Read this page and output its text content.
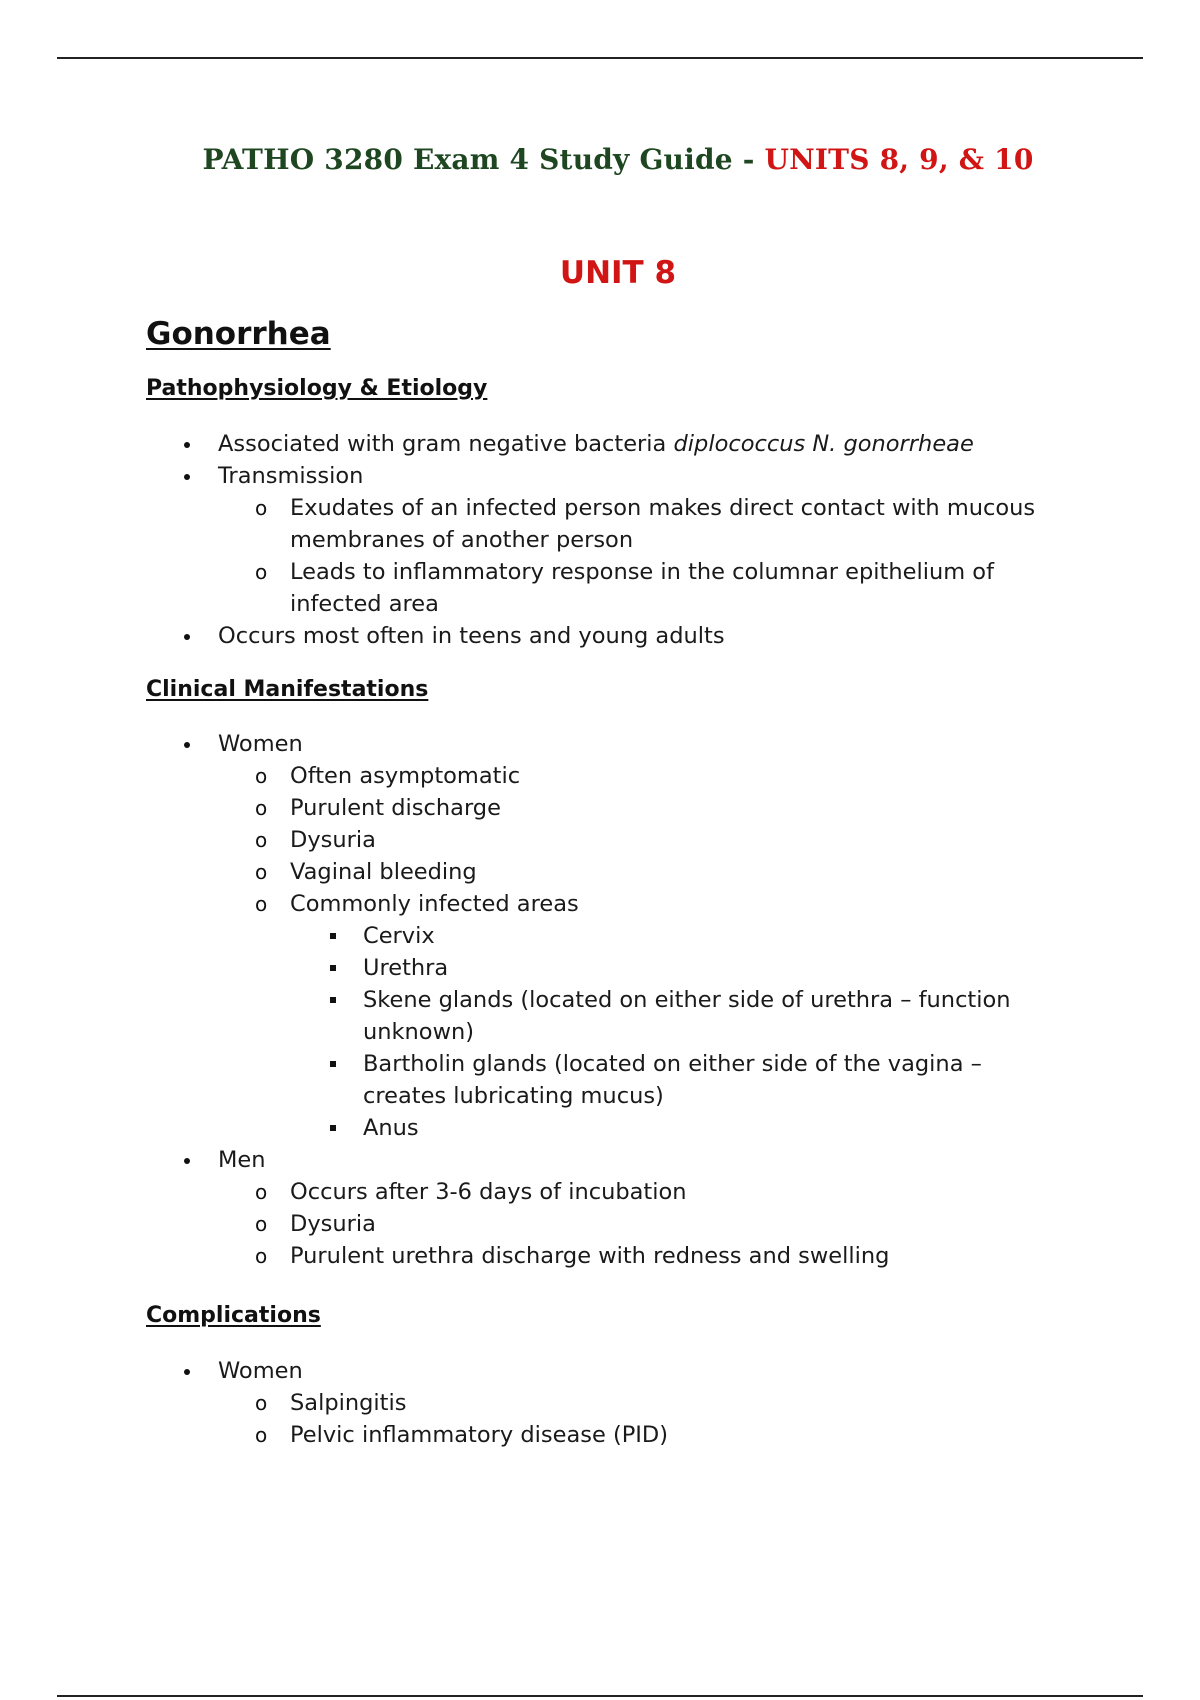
PATHO 3280 Exam 4 Study Guide - UNITS 8, 9, & 10
UNIT 8
Gonorrhea
Pathophysiology & Etiology
Associated with gram negative bacteria diplococcus N. gonorrheae
Transmission
o Exudates of an infected person makes direct contact with mucous membranes of another person
o Leads to inflammatory response in the columnar epithelium of infected area
Occurs most often in teens and young adults
Clinical Manifestations
Women
o Often asymptomatic
o Purulent discharge
o Dysuria
o Vaginal bleeding
o Commonly infected areas
Cervix
Urethra
Skene glands (located on either side of urethra – function unknown)
Bartholin glands (located on either side of the vagina – creates lubricating mucus)
Anus
Men
o Occurs after 3-6 days of incubation
o Dysuria
o Purulent urethra discharge with redness and swelling
Complications
Women
o Salpingitis
o Pelvic inflammatory disease (PID)
